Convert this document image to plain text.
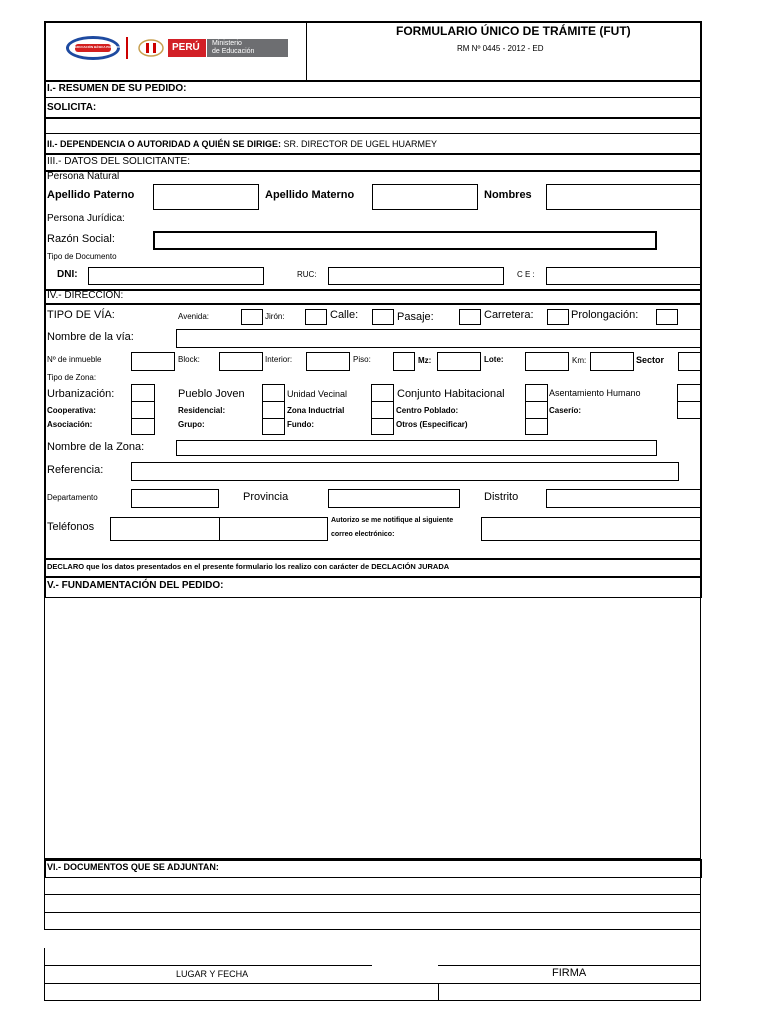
EDUCACIÓN BÁSICA PARA TODOS	PERÚ Ministerio
de Educación
FORMULARIO ÚNICO DE TRÁMITE (FUT)
RM Nº 0445 - 2012 - ED
I.- RESUMEN DE SU PEDIDO:
SOLICITA:
II.- DEPENDENCIA O AUTORIDAD A QUIÉN SE DIRIGE: SR. DIRECTOR DE UGEL HUARMEY
III.- DATOS DEL SOLICITANTE:
Persona Natural
Apellido Paterno	Apellido Materno	Nombres
Persona Jurídica:
Razón Social:
Tipo de Documento
DNI:	RUC:	C E :
IV.- DIRECCIÓN:
TIPO DE VÍA:	Avenida:	Jirón:	Calle:	Pasaje:	Carretera:	Prolongación:
Nombre de la vía:
Nº de inmueble	Block:	Interior:	Piso:	Mz:	Lote:	Km:	Sector
Tipo de Zona:
Urbanización:	Pueblo Joven	Unidad Vecinal	Conjunto Habitacional	Asentamiento Humano
Cooperativa:	Residencial:	Zona Inductrial	Centro Poblado:	Caserío:
Asociación:	Grupo:	Fundo:	Otros (Especificar)
Nombre de la Zona:
Referencia:
Departamento	Provincia	Distrito
Teléfonos
Autorizo se me notifique al siguiente
correo electrónico:
DECLARO que los datos presentados en el presente formulario los realizo con carácter de DECLACIÓN JURADA
V.- FUNDAMENTACIÓN DEL PEDIDO:
VI.- DOCUMENTOS QUE SE ADJUNTAN:
LUGAR Y FECHA	FIRMA
